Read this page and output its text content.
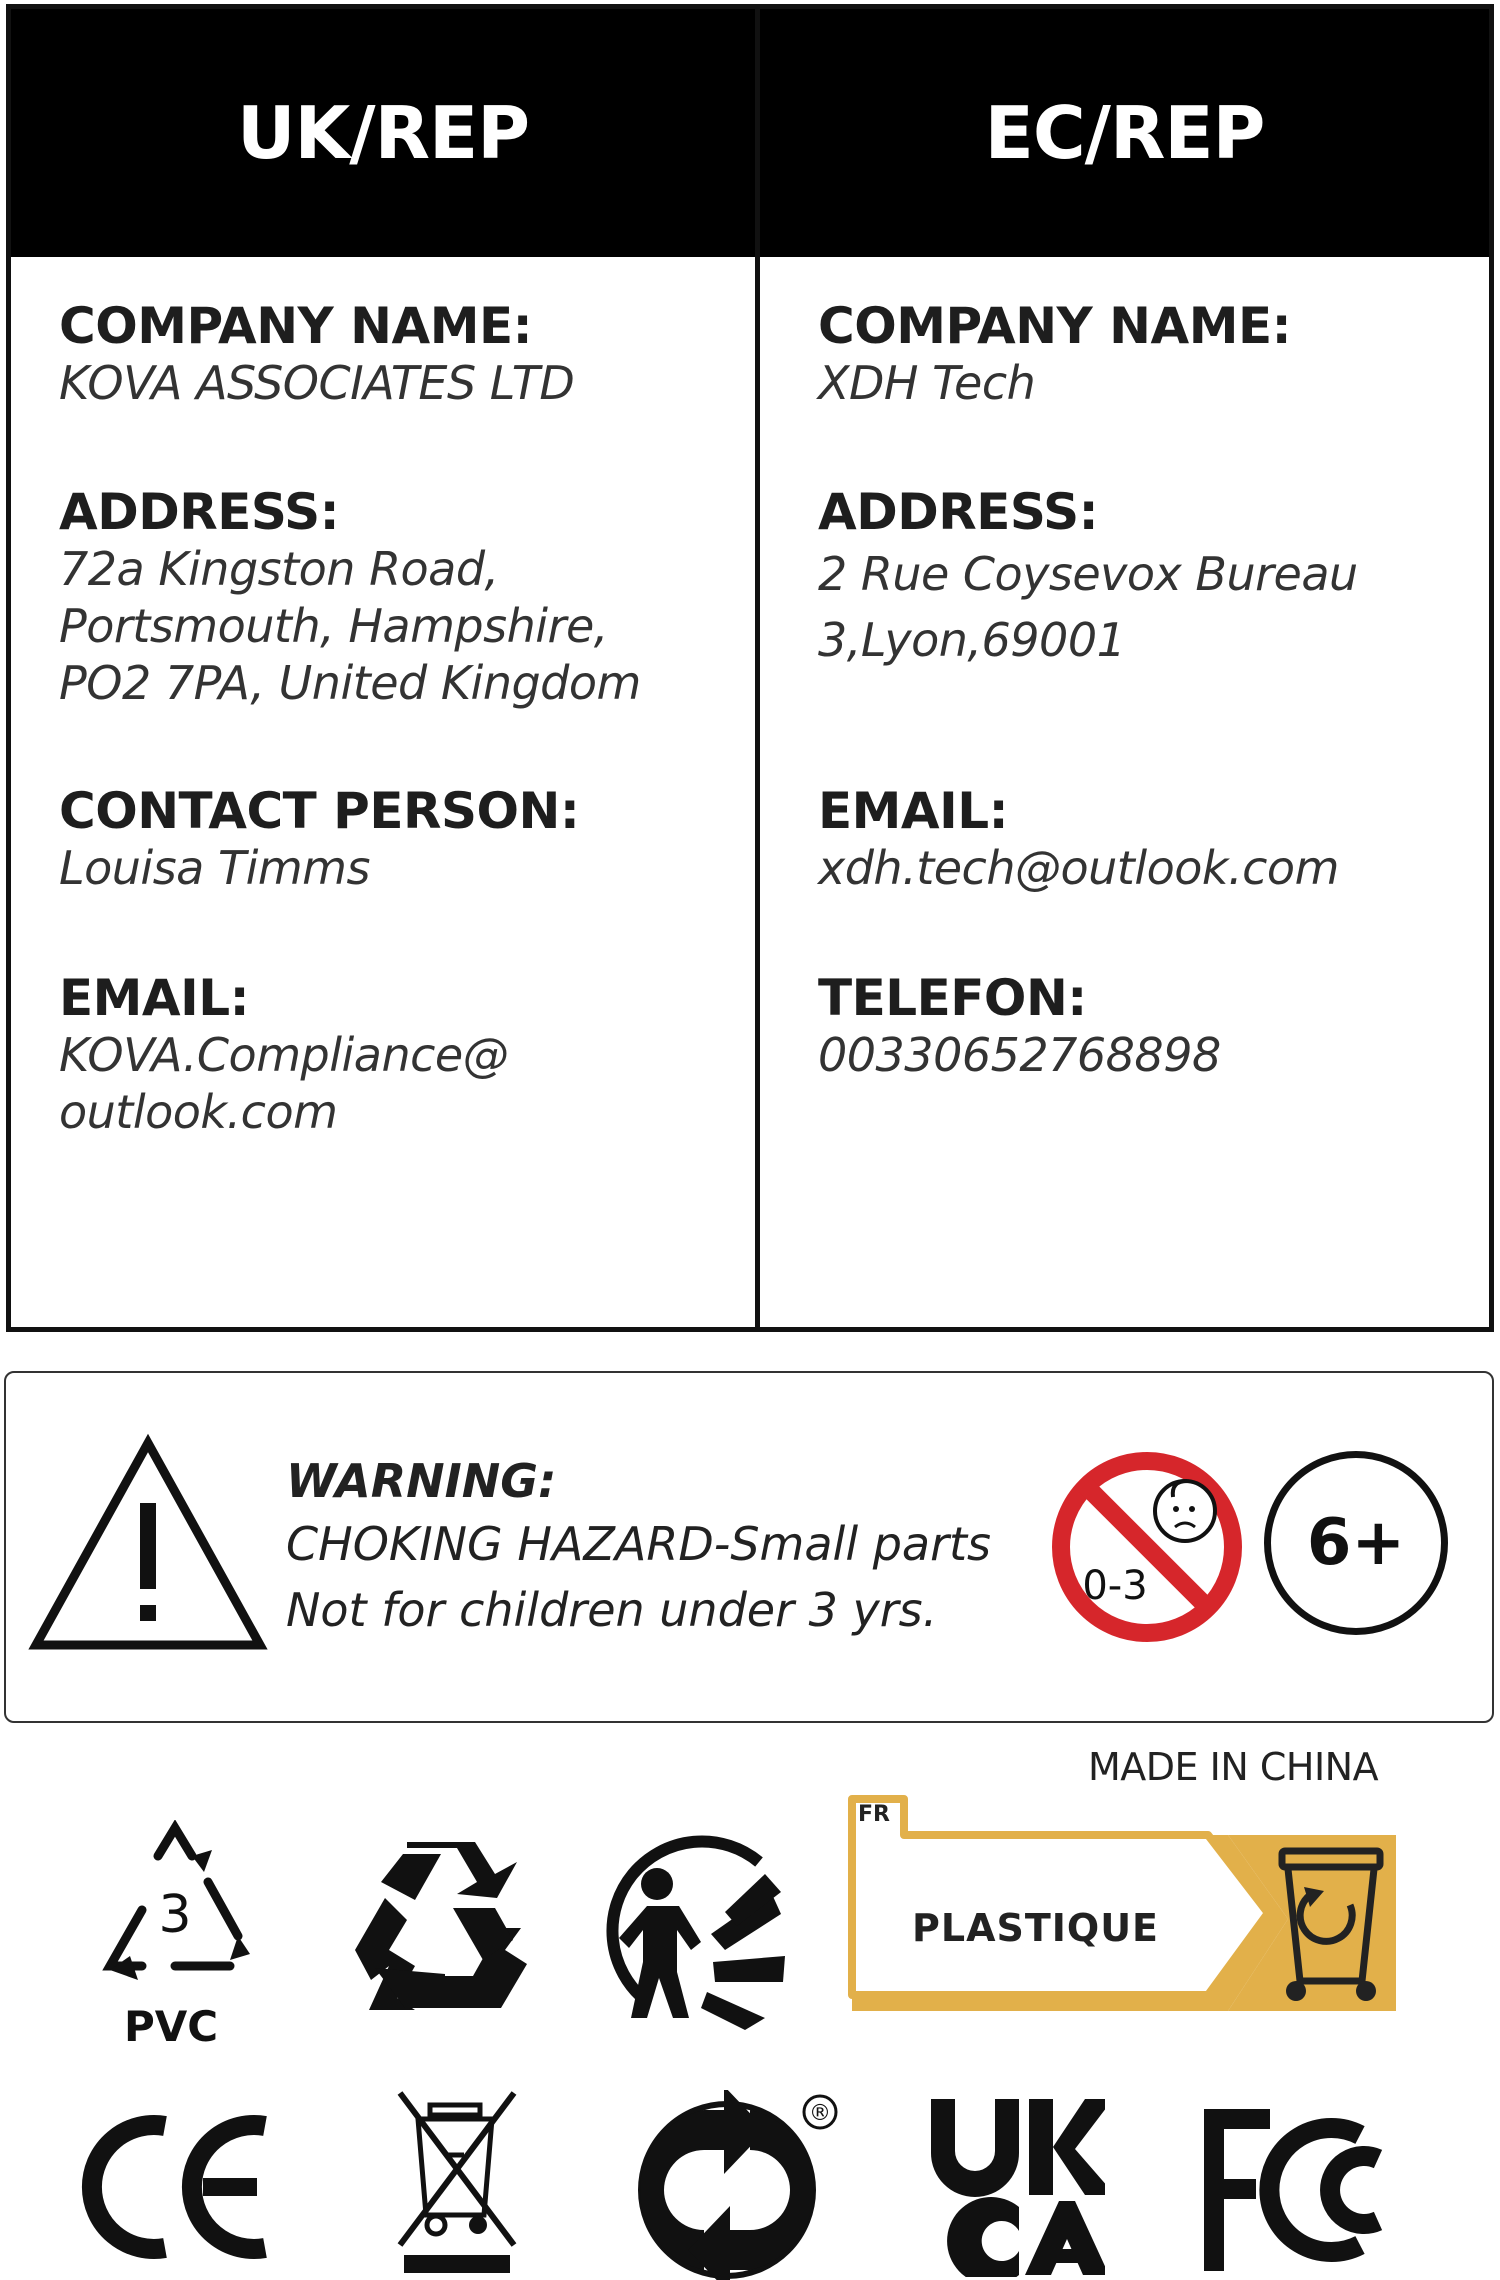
UK/REP
COMPANY NAME:
KOVA ASSOCIATES LTD
ADDRESS:
72a Kingston Road,
Portsmouth, Hampshire,
PO2 7PA, United Kingdom
CONTACT PERSON:
Louisa Timms
EMAIL:
KOVA.Compliance@
outlook.com
EC/REP
COMPANY NAME:
XDH Tech
ADDRESS:
2 Rue Coysevox Bureau
3,Lyon,69001
EMAIL:
xdh.tech@outlook.com
TELEFON:
00330652768898
WARNING:
CHOKING HAZARD-Small parts
Not for children under 3 yrs.	0-3
6+
MADE IN CHINA
3
PVC
FR
PLASTIQUE
®
